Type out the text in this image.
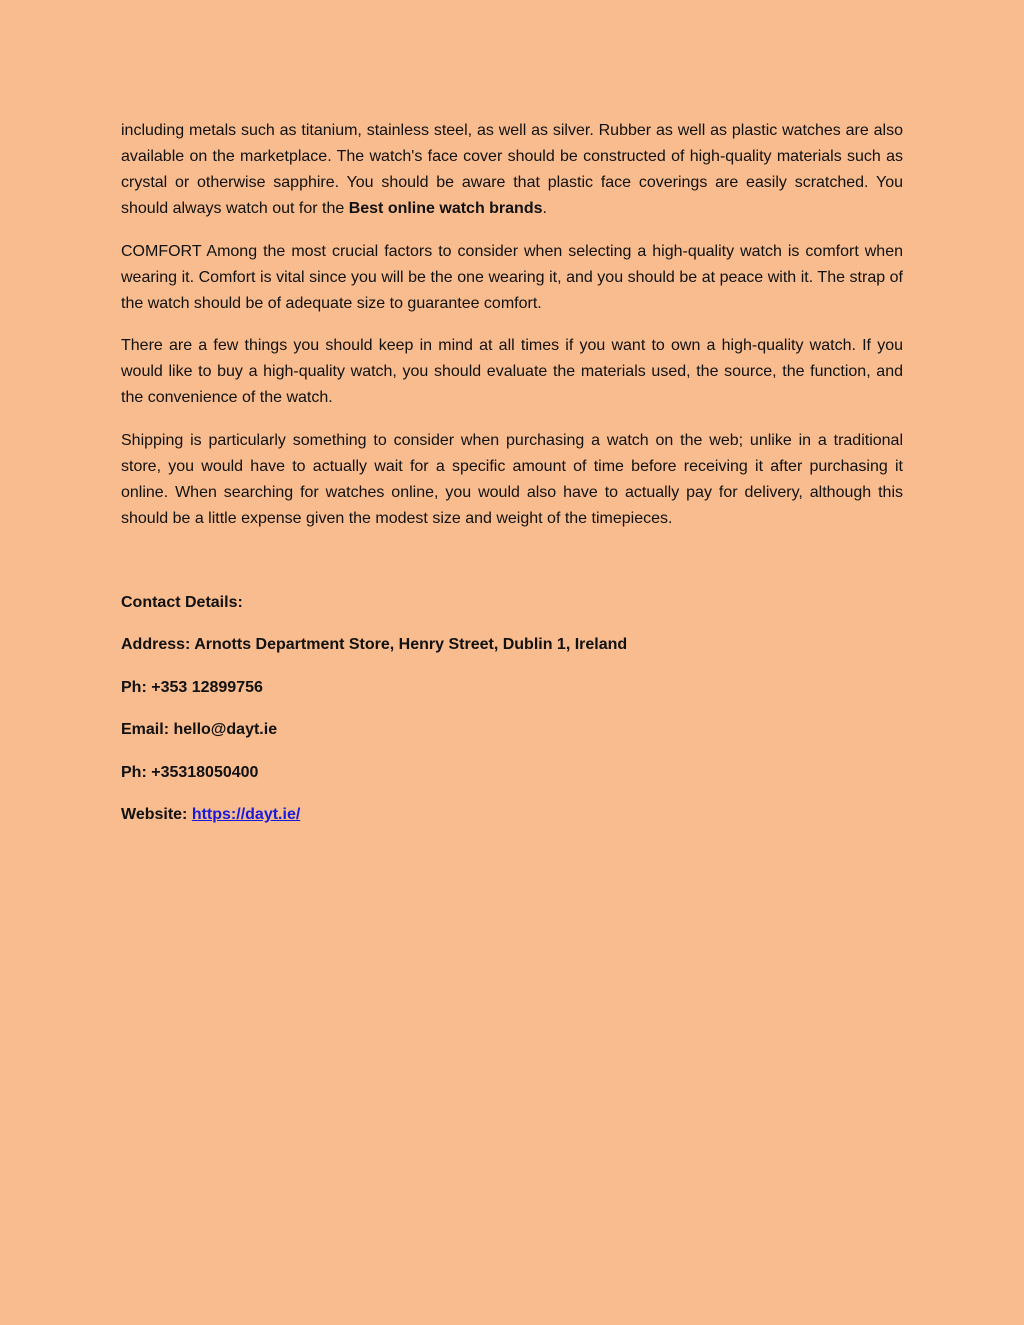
including metals such as titanium, stainless steel, as well as silver. Rubber as well as plastic watches are also available on the marketplace. The watch's face cover should be constructed of high-quality materials such as crystal or otherwise sapphire. You should be aware that plastic face coverings are easily scratched. You should always watch out for the Best online watch brands.

COMFORT Among the most crucial factors to consider when selecting a high-quality watch is comfort when wearing it. Comfort is vital since you will be the one wearing it, and you should be at peace with it. The strap of the watch should be of adequate size to guarantee comfort.

There are a few things you should keep in mind at all times if you want to own a high-quality watch. If you would like to buy a high-quality watch, you should evaluate the materials used, the source, the function, and the convenience of the watch.

Shipping is particularly something to consider when purchasing a watch on the web; unlike in a traditional store, you would have to actually wait for a specific amount of time before receiving it after purchasing it online. When searching for watches online, you would also have to actually pay for delivery, although this should be a little expense given the modest size and weight of the timepieces.

Contact Details:

Address: Arnotts Department Store, Henry Street, Dublin 1, Ireland

Ph: +353 12899756

Email: hello@dayt.ie

Ph: +35318050400

Website: https://dayt.ie/
